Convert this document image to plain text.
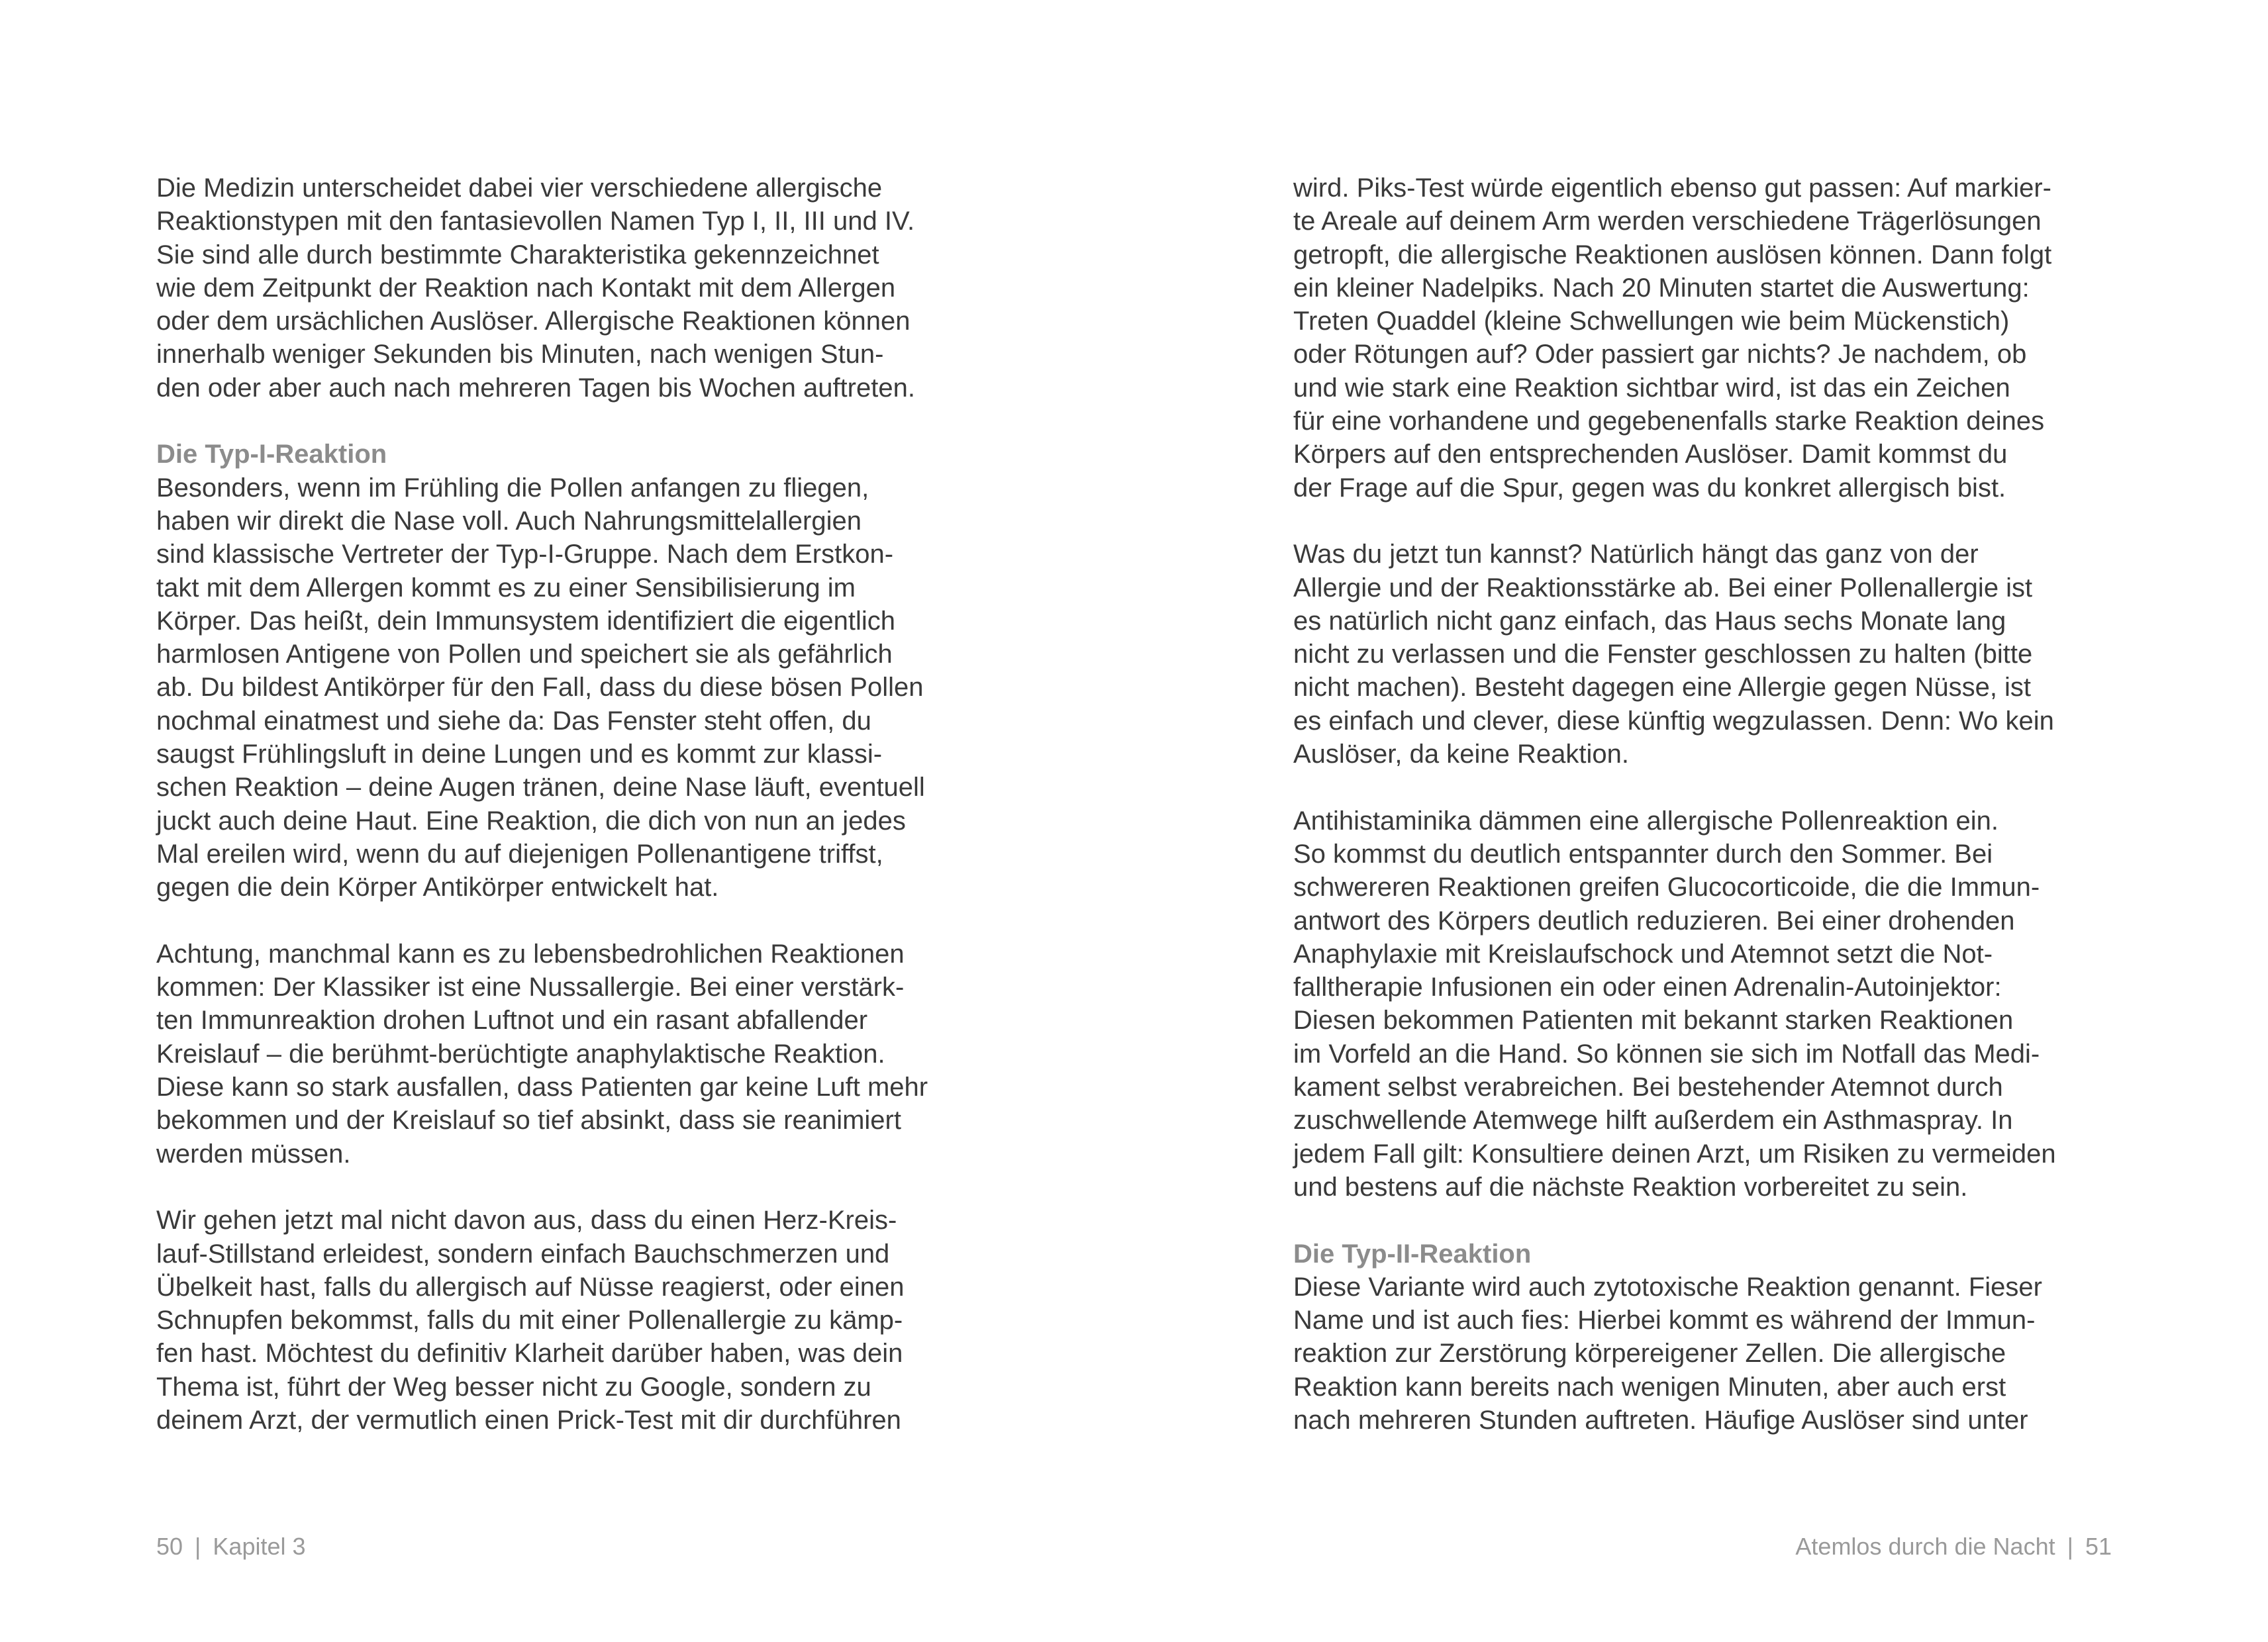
Die Medizin unterscheidet dabei vier verschiedene allergische
Reaktionstypen mit den fantasievollen Namen Typ I, II, III und IV.
Sie sind alle durch bestimmte Charakteristika gekennzeichnet
wie dem Zeitpunkt der Reaktion nach Kontakt mit dem Allergen
oder dem ursächlichen Auslöser. Allergische Reaktionen können
innerhalb weniger Sekunden bis Minuten, nach wenigen Stun-
den oder aber auch nach mehreren Tagen bis Wochen auftreten.
Die Typ-I-Reaktion
Besonders, wenn im Frühling die Pollen anfangen zu fliegen,
haben wir direkt die Nase voll. Auch Nahrungsmittelallergien
sind klassische Vertreter der Typ-I-Gruppe. Nach dem Erstkon-
takt mit dem Allergen kommt es zu einer Sensibilisierung im
Körper. Das heißt, dein Immunsystem identifiziert die eigentlich
harmlosen Antigene von Pollen und speichert sie als gefährlich
ab. Du bildest Antikörper für den Fall, dass du diese bösen Pollen
nochmal einatmest und siehe da: Das Fenster steht offen, du
saugst Frühlingsluft in deine Lungen und es kommt zur klassi-
schen Reaktion – deine Augen tränen, deine Nase läuft, eventuell
juckt auch deine Haut. Eine Reaktion, die dich von nun an jedes
Mal ereilen wird, wenn du auf diejenigen Pollenantigene triffst,
gegen die dein Körper Antikörper entwickelt hat.
Achtung, manchmal kann es zu lebensbedrohlichen Reaktionen
kommen: Der Klassiker ist eine Nussallergie. Bei einer verstärk-
ten Immunreaktion drohen Luftnot und ein rasant abfallender
Kreislauf – die berühmt-berüchtigte anaphylaktische Reaktion.
Diese kann so stark ausfallen, dass Patienten gar keine Luft mehr
bekommen und der Kreislauf so tief absinkt, dass sie reanimiert
werden müssen.
Wir gehen jetzt mal nicht davon aus, dass du einen Herz-Kreis-
lauf-Stillstand erleidest, sondern einfach Bauchschmerzen und
Übelkeit hast, falls du allergisch auf Nüsse reagierst, oder einen
Schnupfen bekommst, falls du mit einer Pollenallergie zu kämp-
fen hast. Möchtest du definitiv Klarheit darüber haben, was dein
Thema ist, führt der Weg besser nicht zu Google, sondern zu
deinem Arzt, der vermutlich einen Prick-Test mit dir durchführen
wird. Piks-Test würde eigentlich ebenso gut passen: Auf markier-
te Areale auf deinem Arm werden verschiedene Trägerlösungen
getropft, die allergische Reaktionen auslösen können. Dann folgt
ein kleiner Nadelpiks. Nach 20 Minuten startet die Auswertung:
Treten Quaddel (kleine Schwellungen wie beim Mückenstich)
oder Rötungen auf? Oder passiert gar nichts? Je nachdem, ob
und wie stark eine Reaktion sichtbar wird, ist das ein Zeichen
für eine vorhandene und gegebenenfalls starke Reaktion deines
Körpers auf den entsprechenden Auslöser. Damit kommst du
der Frage auf die Spur, gegen was du konkret allergisch bist.
Was du jetzt tun kannst? Natürlich hängt das ganz von der
Allergie und der Reaktionsstärke ab. Bei einer Pollenallergie ist
es natürlich nicht ganz einfach, das Haus sechs Monate lang
nicht zu verlassen und die Fenster geschlossen zu halten (bitte
nicht machen). Besteht dagegen eine Allergie gegen Nüsse, ist
es einfach und clever, diese künftig wegzulassen. Denn: Wo kein
Auslöser, da keine Reaktion.
Antihistaminika dämmen eine allergische Pollenreaktion ein.
So kommst du deutlich entspannter durch den Sommer. Bei
schwereren Reaktionen greifen Glucocorticoide, die die Immun-
antwort des Körpers deutlich reduzieren. Bei einer drohenden
Anaphylaxie mit Kreislaufschock und Atemnot setzt die Not-
falltherapie Infusionen ein oder einen Adrenalin-Autoinjektor:
Diesen bekommen Patienten mit bekannt starken Reaktionen
im Vorfeld an die Hand. So können sie sich im Notfall das Medi-
kament selbst verabreichen. Bei bestehender Atemnot durch
zuschwellende Atemwege hilft außerdem ein Asthmaspray. In
jedem Fall gilt: Konsultiere deinen Arzt, um Risiken zu vermeiden
und bestens auf die nächste Reaktion vorbereitet zu sein.
Die Typ-II-Reaktion
Diese Variante wird auch zytotoxische Reaktion genannt. Fieser
Name und ist auch fies: Hierbei kommt es während der Immun-
reaktion zur Zerstörung körpereigener Zellen. Die allergische
Reaktion kann bereits nach wenigen Minuten, aber auch erst
nach mehreren Stunden auftreten. Häufige Auslöser sind unter
50 | Kapitel 3	Atemlos durch die Nacht | 51
